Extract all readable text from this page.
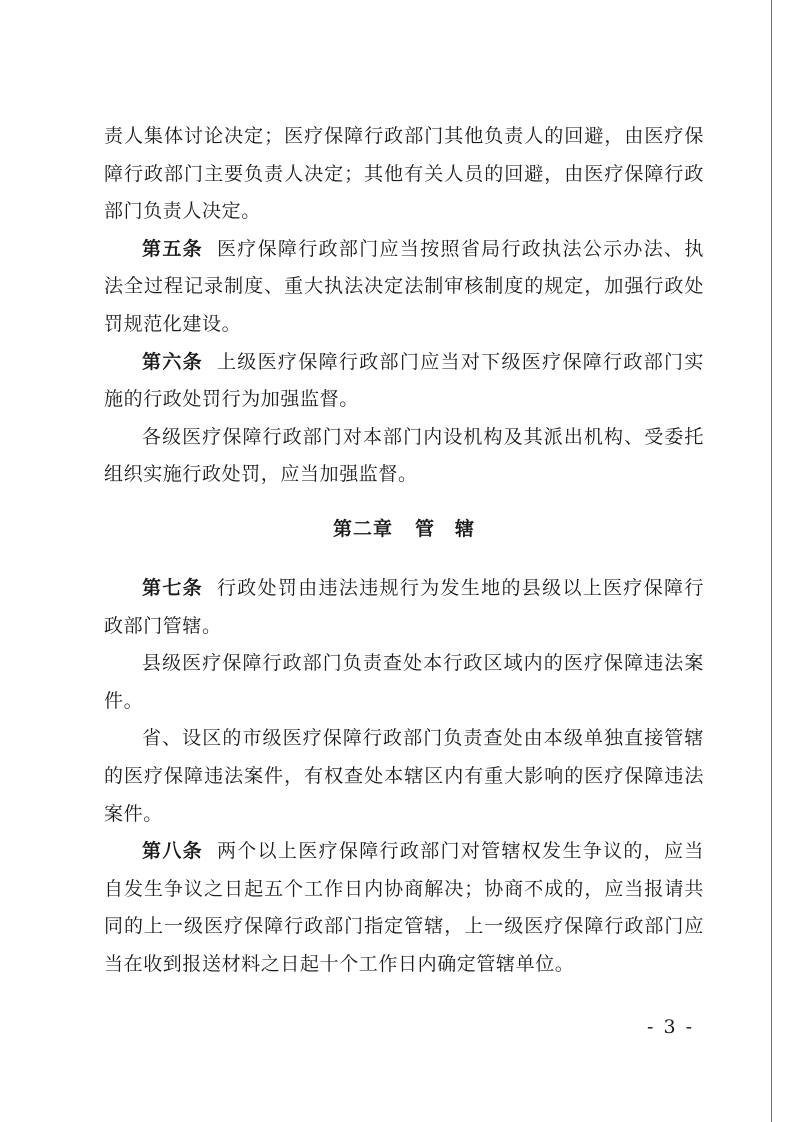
责人集体讨论决定；医疗保障行政部门其他负责人的回避，由医疗保障行政部门主要负责人决定；其他有关人员的回避，由医疗保障行政部门负责人决定。

第五条 医疗保障行政部门应当按照省局行政执法公示办法、执法全过程记录制度、重大执法决定法制审核制度的规定，加强行政处罚规范化建设。

第六条 上级医疗保障行政部门应当对下级医疗保障行政部门实施的行政处罚行为加强监督。

各级医疗保障行政部门对本部门内设机构及其派出机构、受委托组织实施行政处罚，应当加强监督。

第二章 管　辖

第七条 行政处罚由违法违规行为发生地的县级以上医疗保障行政部门管辖。

县级医疗保障行政部门负责查处本行政区域内的医疗保障违法案件。

省、设区的市级医疗保障行政部门负责查处由本级单独直接管辖的医疗保障违法案件，有权查处本辖区内有重大影响的医疗保障违法案件。

第八条 两个以上医疗保障行政部门对管辖权发生争议的，应当自发生争议之日起五个工作日内协商解决；协商不成的，应当报请共同的上一级医疗保障行政部门指定管辖，上一级医疗保障行政部门应当在收到报送材料之日起十个工作日内确定管辖单位。

- 3 -
